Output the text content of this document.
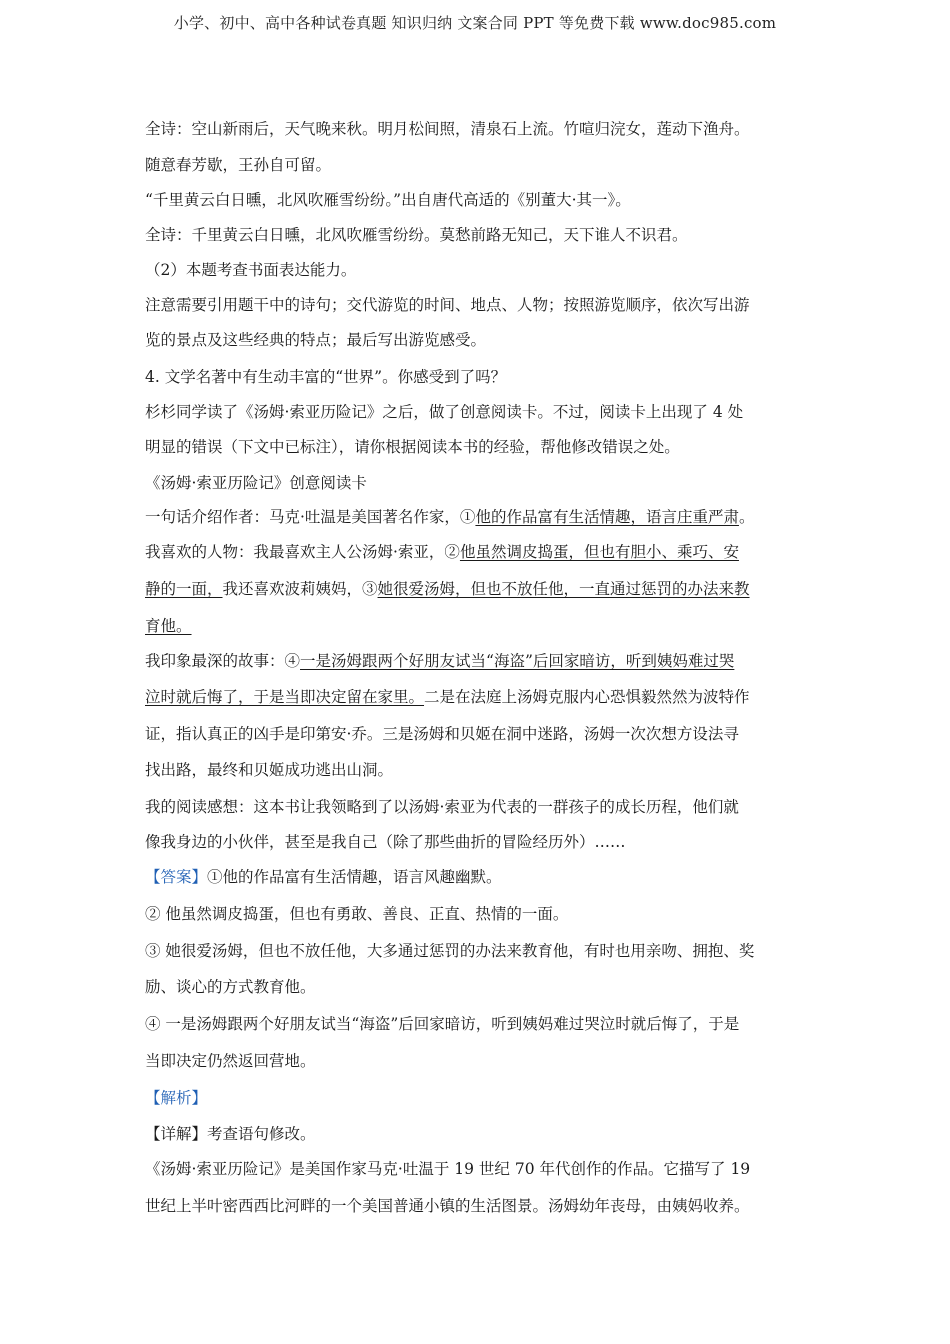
小学、初中、高中各种试卷真题 知识归纳 文案合同 PPT 等免费下载 www.doc985.com
全诗：空山新雨后，天气晚来秋。明月松间照，清泉石上流。竹喧归浣女，莲动下渔舟。
随意春芳歇，王孙自可留。
“千里黄云白日曛，北风吹雁雪纷纷。”出自唐代高适的《别董大·其一》。
全诗：千里黄云白日曛，北风吹雁雪纷纷。莫愁前路无知己，天下谁人不识君。
（2）本题考查书面表达能力。
注意需要引用题干中的诗句；交代游览的时间、地点、人物；按照游览顺序，依次写出游
览的景点及这些经典的特点；最后写出游览感受。
4. 文学名著中有生动丰富的“世界”。你感受到了吗？
杉杉同学读了《汤姆·索亚历险记》之后，做了创意阅读卡。不过，阅读卡上出现了 4 处
明显的错误（下文中已标注），请你根据阅读本书的经验，帮他修改错误之处。
《汤姆·索亚历险记》创意阅读卡
一句话介绍作者：马克·吐温是美国著名作家，①他的作品富有生活情趣，语言庄重严肃。
我喜欢的人物：我最喜欢主人公汤姆·索亚，②他虽然调皮捣蛋，但也有胆小、乘巧、安
静的一面，我还喜欢波莉姨妈，③她很爱汤姆，但也不放任他，一直通过惩罚的办法来教
育他。
我印象最深的故事：④一是汤姆跟两个好朋友试当“海盗”后回家暗访，听到姨妈难过哭
泣时就后悔了，于是当即决定留在家里。二是在法庭上汤姆克服内心恐惧毅然然为波特作
证，指认真正的凶手是印第安·乔。三是汤姆和贝姬在洞中迷路，汤姆一次次想方设法寻
找出路，最终和贝姬成功逃出山洞。
我的阅读感想：这本书让我领略到了以汤姆·索亚为代表的一群孩子的成长历程，他们就
像我身边的小伙伴，甚至是我自己（除了那些曲折的冒险经历外）……
【答案】①他的作品富有生活情趣，语言风趣幽默。
② 他虽然调皮捣蛋，但也有勇敢、善良、正直、热情的一面。
③ 她很爱汤姆，但也不放任他，大多通过惩罚的办法来教育他，有时也用亲吻、拥抱、奖
励、谈心的方式教育他。
④ 一是汤姆跟两个好朋友试当“海盗”后回家暗访，听到姨妈难过哭泣时就后悔了，于是
当即决定仍然返回营地。
【解析】
【详解】考查语句修改。
《汤姆·索亚历险记》是美国作家马克·吐温于 19 世纪 70 年代创作的作品。它描写了 19
世纪上半叶密西西比河畔的一个美国普通小镇的生活图景。汤姆幼年丧母，由姨妈收养。
